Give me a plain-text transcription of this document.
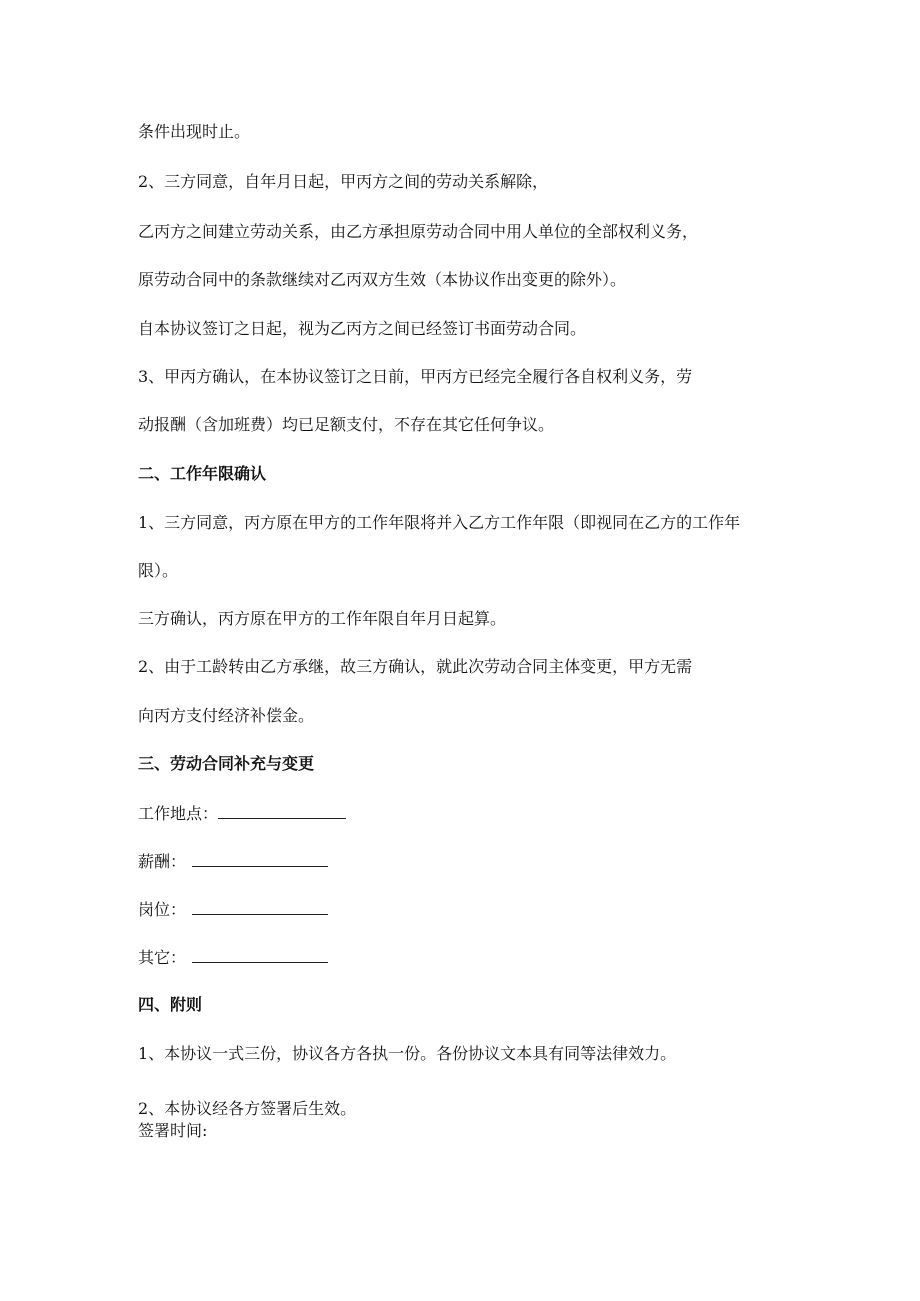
条件出现时止。

2、三方同意，自年月日起，甲丙方之间的劳动关系解除，

乙丙方之间建立劳动关系，由乙方承担原劳动合同中用人单位的全部权利义务，

原劳动合同中的条款继续对乙丙双方生效（本协议作出变更的除外）。

自本协议签订之日起，视为乙丙方之间已经签订书面劳动合同。

3、甲丙方确认，在本协议签订之日前，甲丙方已经完全履行各自权利义务，劳

动报酬（含加班费）均已足额支付，不存在其它任何争议。

二、工作年限确认

1、三方同意，丙方原在甲方的工作年限将并入乙方工作年限（即视同在乙方的工作年

限）。

三方确认，丙方原在甲方的工作年限自年月日起算。

2、由于工龄转由乙方承继，故三方确认，就此次劳动合同主体变更，甲方无需

向丙方支付经济补偿金。

三、劳动合同补充与变更

工作地点：

薪酬：

岗位：

其它：

四、附则

1、本协议一式三份，协议各方各执一份。各份协议文本具有同等法律效力。

2、本协议经各方签署后生效。

签署时间:
